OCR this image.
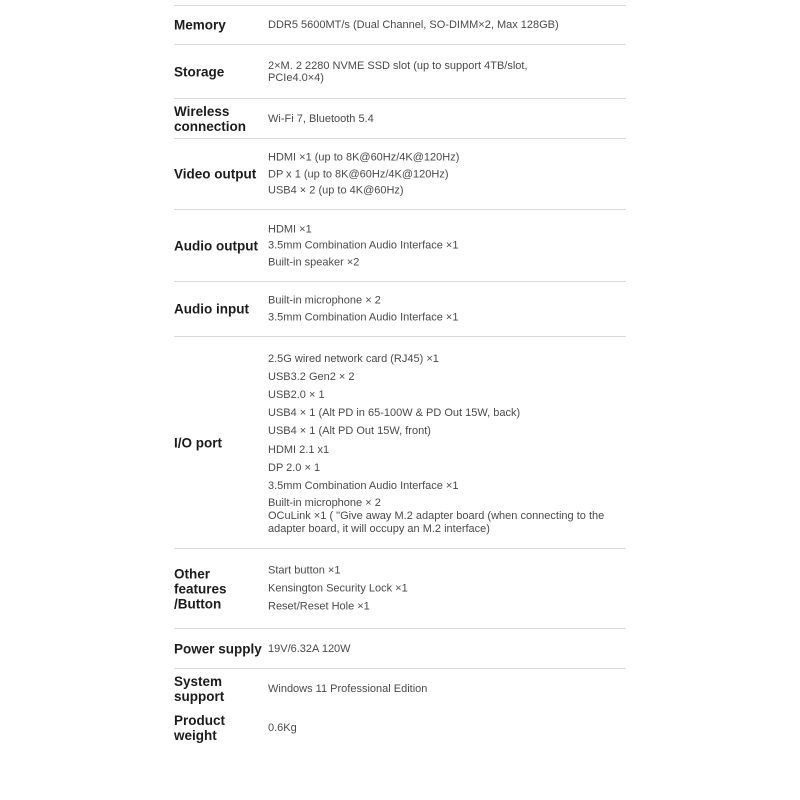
Memory	DDR5 5600MT/s (Dual Channel, SO-DIMM×2, Max 128GB)
Storage	2×M. 2 2280 NVME SSD slot (up to support 4TB/slot,
PCIe4.0×4)
Wireless
connection
Wi-Fi 7, Bluetooth 5.4
Video output
HDMI ×1 (up to 8K@60Hz/4K@120Hz)
DP x 1 (up to 8K@60Hz/4K@120Hz)
USB4 × 2 (up to 4K@60Hz)
Audio output
HDMI ×1
3.5mm Combination Audio Interface ×1
Built-in speaker ×2
Audio input
Built-in microphone × 2
3.5mm Combination Audio Interface ×1
I/O port
2.5G wired network card (RJ45) ×1
USB3.2 Gen2 × 2
USB2.0 × 1
USB4 × 1 (Alt PD in 65-100W & PD Out 15W, back)
USB4 × 1 (Alt PD Out 15W, front)
HDMI 2.1 x1
DP 2.0 × 1
3.5mm Combination Audio Interface ×1
Built-in microphone × 2
OCuLink ×1 ( "Give away M.2 adapter board (when connecting to the adapter board, it will occupy an M.2 interface)
Other features
/Button
Start button ×1
Kensington Security Lock ×1
Reset/Reset Hole ×1
Power supply 19V/6.32A 120W
System
support
Windows 11 Professional Edition
Product
weight
0.6Kg
